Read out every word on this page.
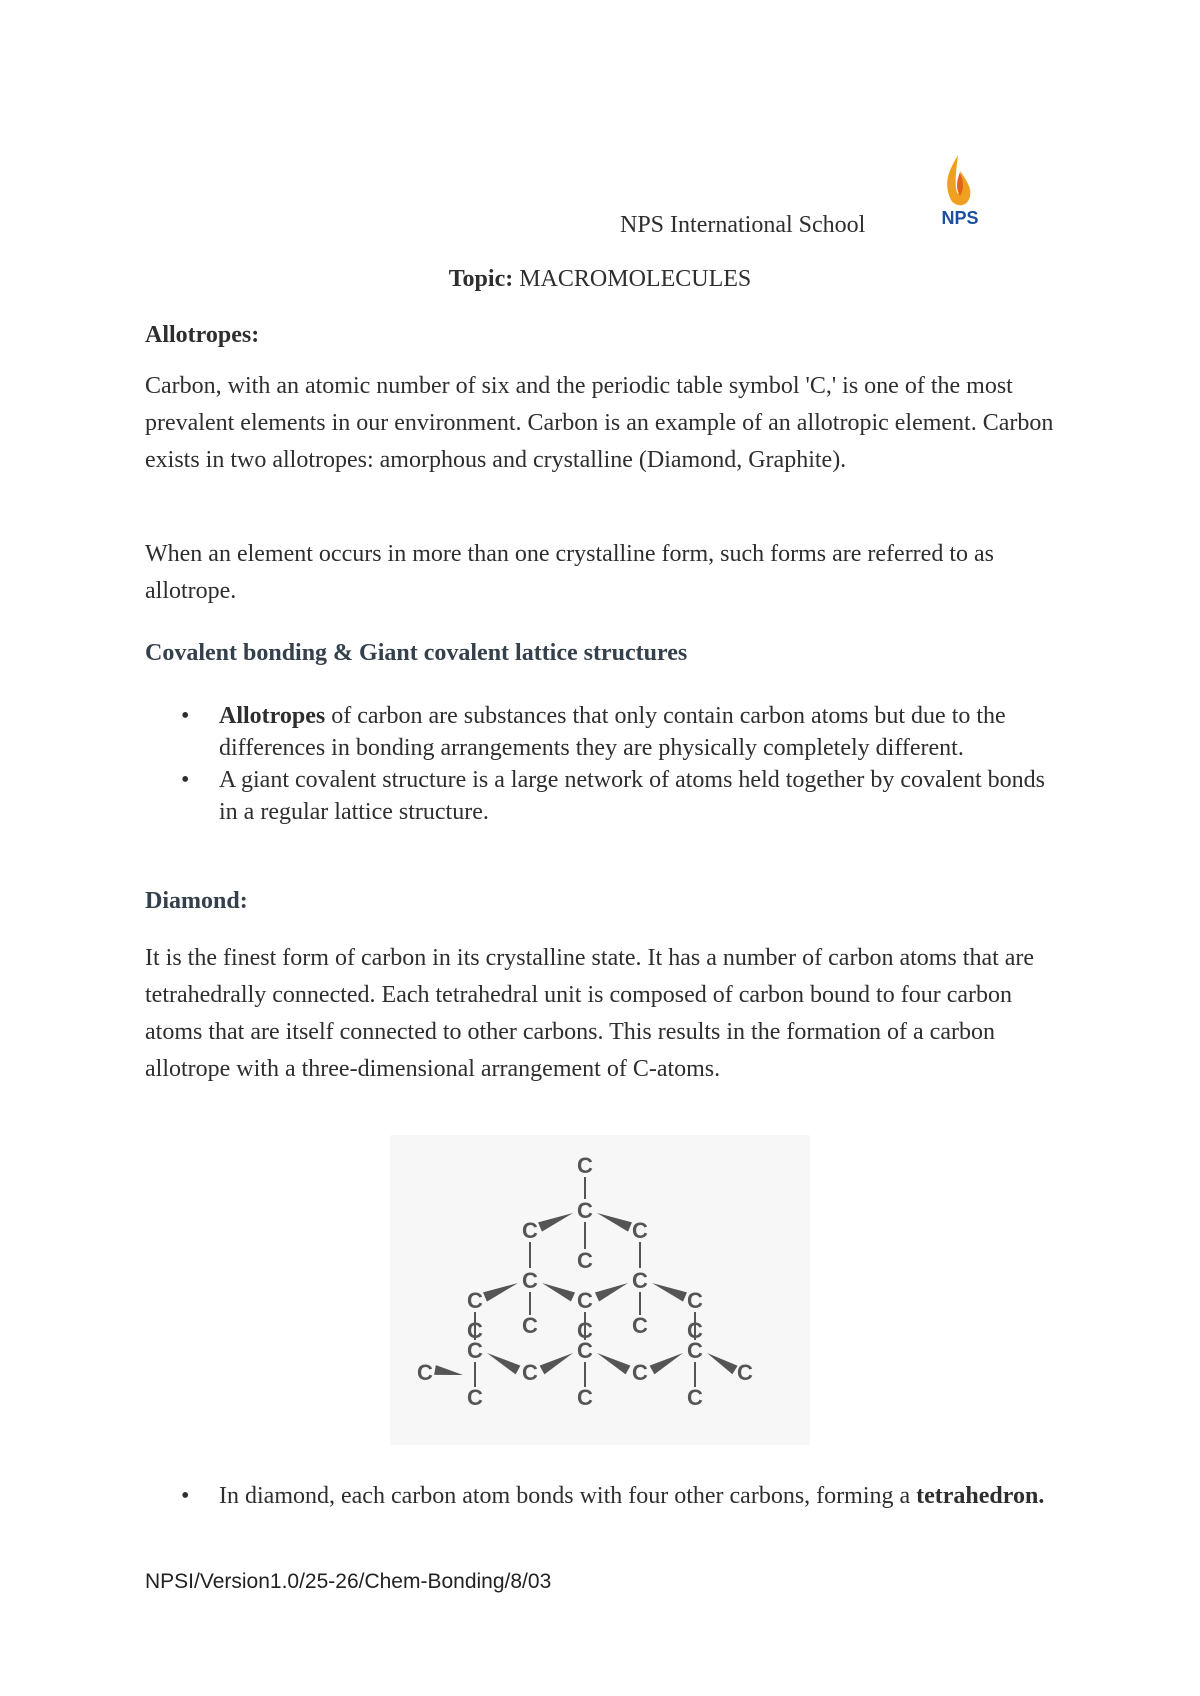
NPS International School	NPS
Topic: MACROMOLECULES
Allotropes:
Carbon, with an atomic number of six and the periodic table symbol 'C,' is one of the most prevalent elements in our environment. Carbon is an example of an allotropic element. Carbon exists in two allotropes: amorphous and crystalline (Diamond, Graphite).
When an element occurs in more than one crystalline form, such forms are referred to as allotrope.
Covalent bonding & Giant covalent lattice structures
• Allotropes of carbon are substances that only contain carbon atoms but due to the differences in bonding arrangements they are physically completely different.
• A giant covalent structure is a large network of atoms held together by covalent bonds in a regular lattice structure.
Diamond:
It is the finest form of carbon in its crystalline state. It has a number of carbon atoms that are tetrahedrally connected. Each tetrahedral unit is composed of carbon bound to four carbon atoms that are itself connected to other carbons. This results in the formation of a carbon allotrope with a three-dimensional arrangement of C-atoms.
C
C
C	C
C
C	C
C	C	C
C	C
C	C	C
C	C	C
C	C	C	C
C	C	C
• In diamond, each carbon atom bonds with four other carbons, forming a tetrahedron.
NPSI/Version1.0/25-26/Chem-Bonding/8/03
